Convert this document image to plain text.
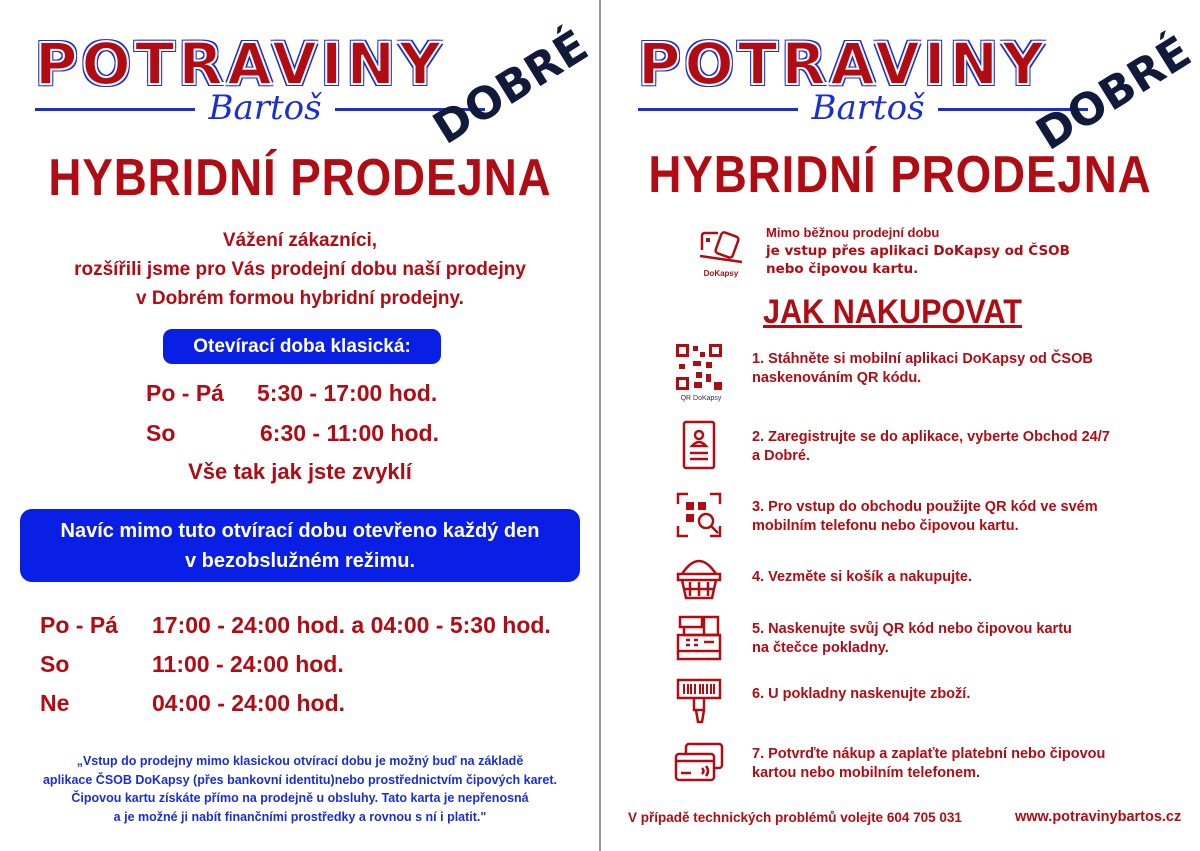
POTRAVINY
Bartoš DOBRÉ
HYBRIDNÍ PRODEJNA
Vážení zákazníci,
rozšířili jsme pro Vás prodejní dobu naší prodejny
v Dobrém formou hybridní prodejny.
Otevírací doba klasická:
Po - Pá 5:30 - 17:00 hod.
So	6:30 - 11:00 hod.
Vše tak jak jste zvyklí
Navíc mimo tuto otvírací dobu otevřeno každý den
v bezobslužném režimu.
Po - Pá 17:00 - 24:00 hod. a 04:00 - 5:30 hod.
So	11:00 - 24:00 hod.
Ne	04:00 - 24:00 hod.
„Vstup do prodejny mimo klasickou otvírací dobu je možný buď na základě
aplikace ČSOB DoKapsy (přes bankovní identitu)nebo prostřednictvím čipových karet.
Čipovou kartu získáte přímo na prodejně u obsluhy. Tato karta je nepřenosná
a je možné ji nabít finančními prostředky a rovnou s ní i platit."
POTRAVINY
Bartoš DOBRÉ
HYBRIDNÍ PRODEJNA
DoKapsy
Mimo běžnou prodejní dobu
je vstup přes aplikaci DoKapsy od ČSOB
nebo čipovou kartu.
JAK NAKUPOVAT
QR DoKapsy
1. Stáhněte si mobilní aplikaci DoKapsy od ČSOB
naskenováním QR kódu.
2. Zaregistrujte se do aplikace, vyberte Obchod 24/7
a Dobré.
3. Pro vstup do obchodu použijte QR kód ve svém
mobilním telefonu nebo čipovou kartu.
4. Vezměte si košík a nakupujte.
5. Naskenujte svůj QR kód nebo čipovou kartu
na čtečce pokladny.
6. U pokladny naskenujte zboží.
7. Potvrďte nákup a zaplaťte platební nebo čipovou
kartou nebo mobilním telefonem.
V případě technických problémů volejte 604 705 031	www.potravinybartos.cz
